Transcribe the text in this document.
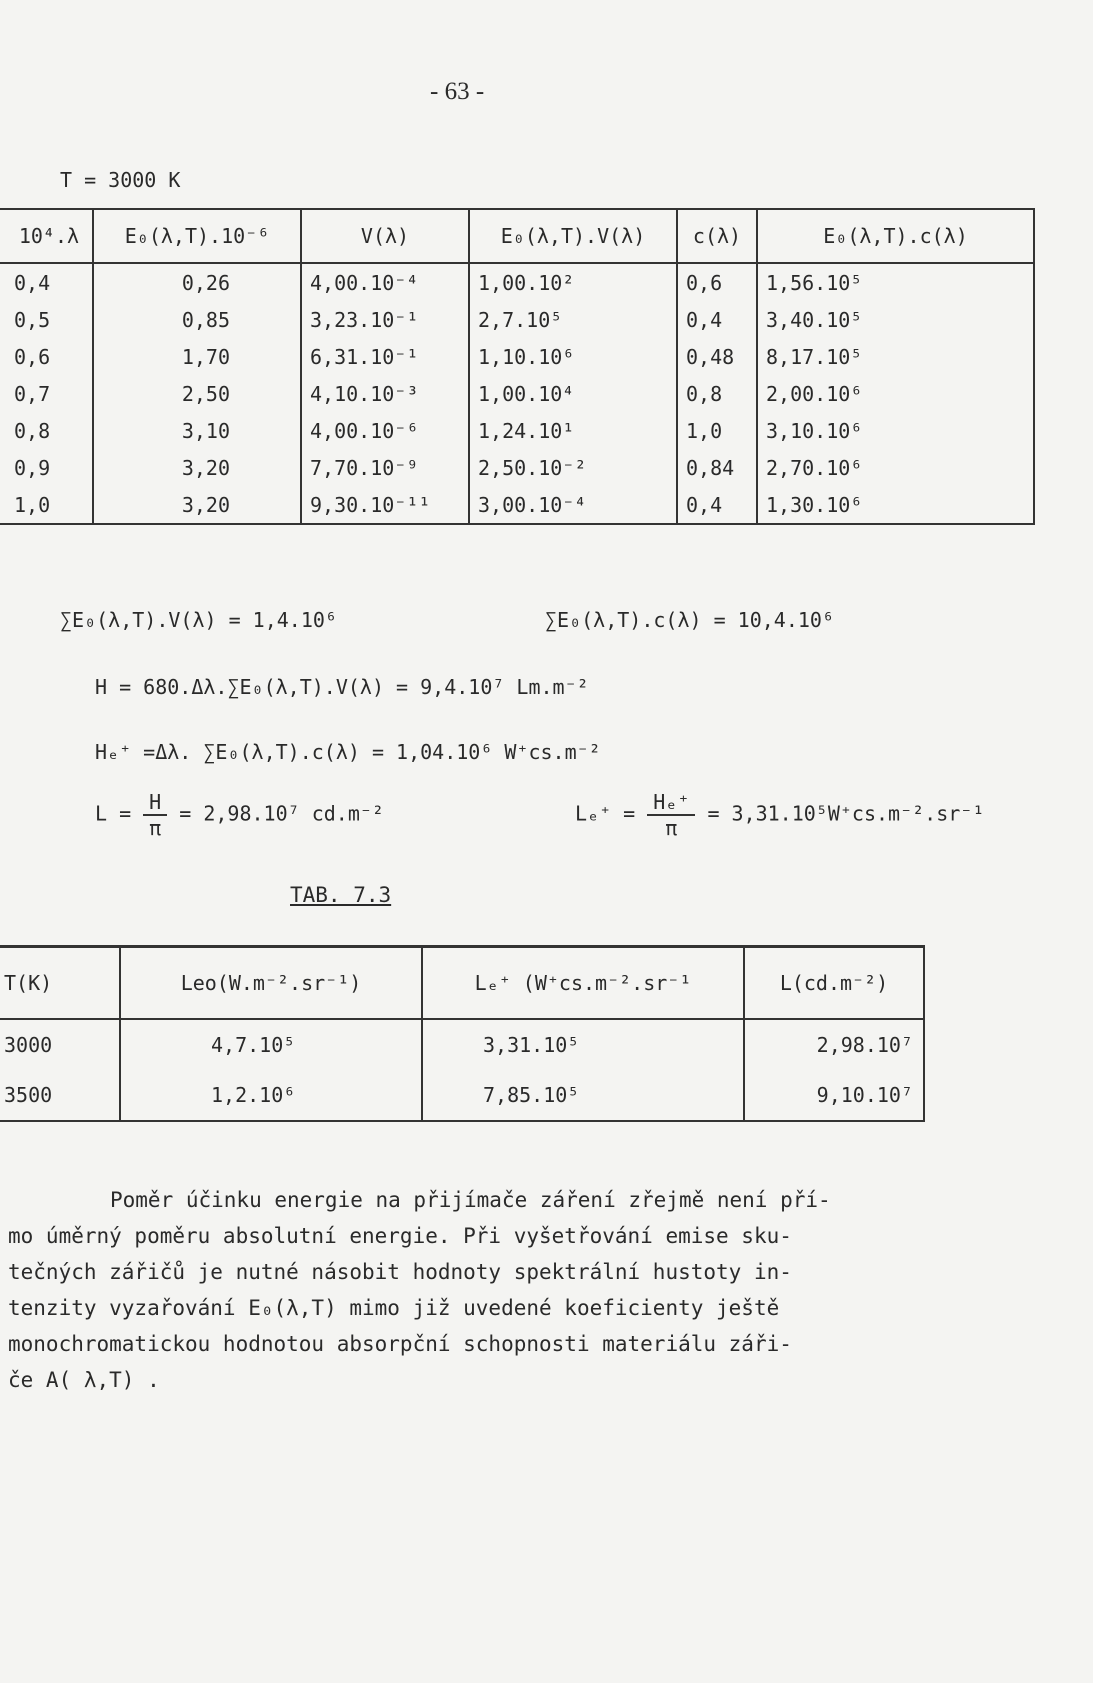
- 63 -
T = 3000 K
10⁴.λ	E₀(λ,T).10⁻⁶	V(λ)	E₀(λ,T).V(λ)	c(λ)	E₀(λ,T).c(λ)
0,4	0,26	4,00.10⁻⁴	1,00.10²	0,6	1,56.10⁵
0,5	0,85	3,23.10⁻¹	2,7.10⁵	0,4	3,40.10⁵
0,6	1,70	6,31.10⁻¹	1,10.10⁶	0,48	8,17.10⁵
0,7	2,50	4,10.10⁻³	1,00.10⁴	0,8	2,00.10⁶
0,8	3,10	4,00.10⁻⁶	1,24.10¹	1,0	3,10.10⁶
0,9	3,20	7,70.10⁻⁹	2,50.10⁻²	0,84	2,70.10⁶
1,0	3,20	9,30.10⁻¹¹	3,00.10⁻⁴	0,4	1,30.10⁶
∑E₀(λ,T).V(λ) = 1,4.10⁶	∑E₀(λ,T).c(λ) = 10,4.10⁶
H = 680.Δλ.∑E₀(λ,T).V(λ) = 9,4.10⁷ Lm.m⁻²
Hₑ⁺ =Δλ. ∑E₀(λ,T).c(λ) = 1,04.10⁶ W⁺cs.m⁻²
$L = \frac{H}{\pi} = 2,98.10^7$ cd.m⁻²	$L_e^+ = \frac{\text{Hₑ⁺}}{\pi} = 3,31.10^5W^+cs.m^{-2}.sr^{-1}$
TAB. 7.3
T(K)	Leo(W.m⁻².sr⁻¹)	Lₑ⁺ (W⁺cs.m⁻².sr⁻¹	L(cd.m⁻²)
3000	4,7.10⁵	3,31.10⁵	2,98.10⁷
3500	1,2.10⁶	7,85.10⁵	9,10.10⁷

Poměr účinku energie na přijímače záření zřejmě není pří-

mo úměrný poměru absolutní energie. Při vyšetřování emise sku-

tečných zářičů je nutné násobit hodnoty spektrální hustoty in-

tenzity vyzařování E₀(λ,T) mimo již uvedené koeficienty ještě

monochromatickou hodnotou absorpční schopnosti materiálu záři-

če A( λ,T) .
